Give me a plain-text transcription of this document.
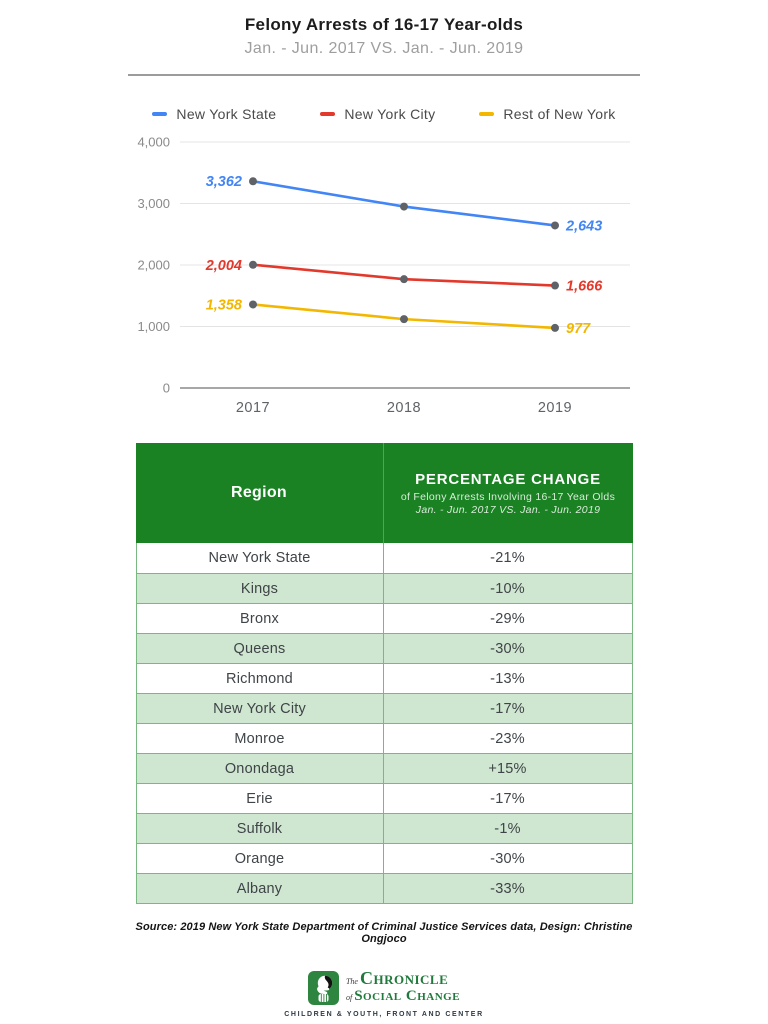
Felony Arrests of 16-17 Year-olds
Jan. - Jun. 2017 VS. Jan. - Jun. 2019
New York State	New York City	Rest of New York
0
1,000
2,000
3,000
4,000
2017	2018	2019
3,362
2,643
2,004
1,666
1,358
977
Region
PERCENTAGE CHANGE
of Felony Arrests Involving 16-17 Year Olds
Jan. - Jun. 2017 VS. Jan. - Jun. 2019
New York State	-21%
Kings	-10%
Bronx	-29%
Queens	-30%
Richmond	-13%
New York City	-17%
Monroe	-23%
Onondaga	+15%
Erie	-17%
Suffolk	-1%
Orange	-30%
Albany	-33%
Source: 2019 New York State Department of Criminal Justice Services data, Design: Christine Ongjoco
The Chronicle
of Social Change
CHILDREN & YOUTH, FRONT AND CENTER
